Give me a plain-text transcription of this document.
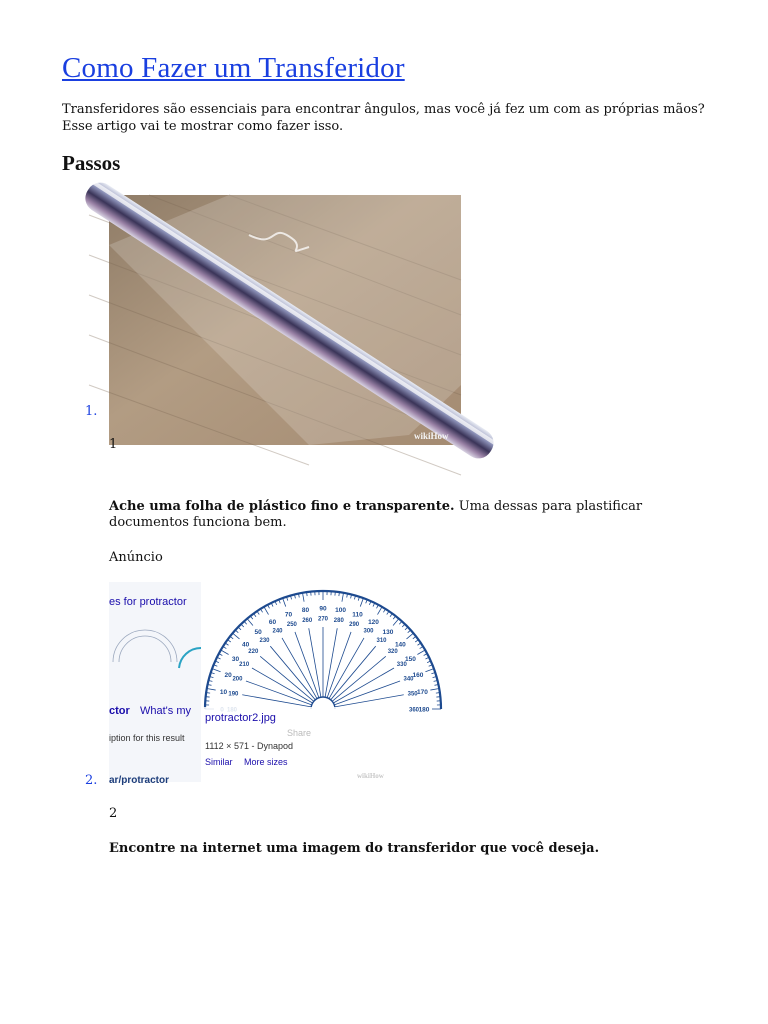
Como Fazer um Transferidor

Transferidores são essenciais para encontrar ângulos, mas você já fez um com as próprias mãos? Esse artigo vai te mostrar como fazer isso.

Passos
wikiHow
1.
1

Ache uma folha de plástico fino e transparente. Uma dessas para plastificar documentos funciona bem.

Anúncio
10
20
30
40
50
60
70
80 90 100
110
120
130
140
150
160
170
180
190
200
210
220
230
240
250
260 270 280
290
300
310
320
330
340
350
360
es for protractor
ctor What's my
iption for this result
ar/protractor
protractor2.jpg
Share
1112 × 571 - Dynapod
Similar More sizes
wikiHow
2.
2

Encontre na internet uma imagem do transferidor que você deseja.
